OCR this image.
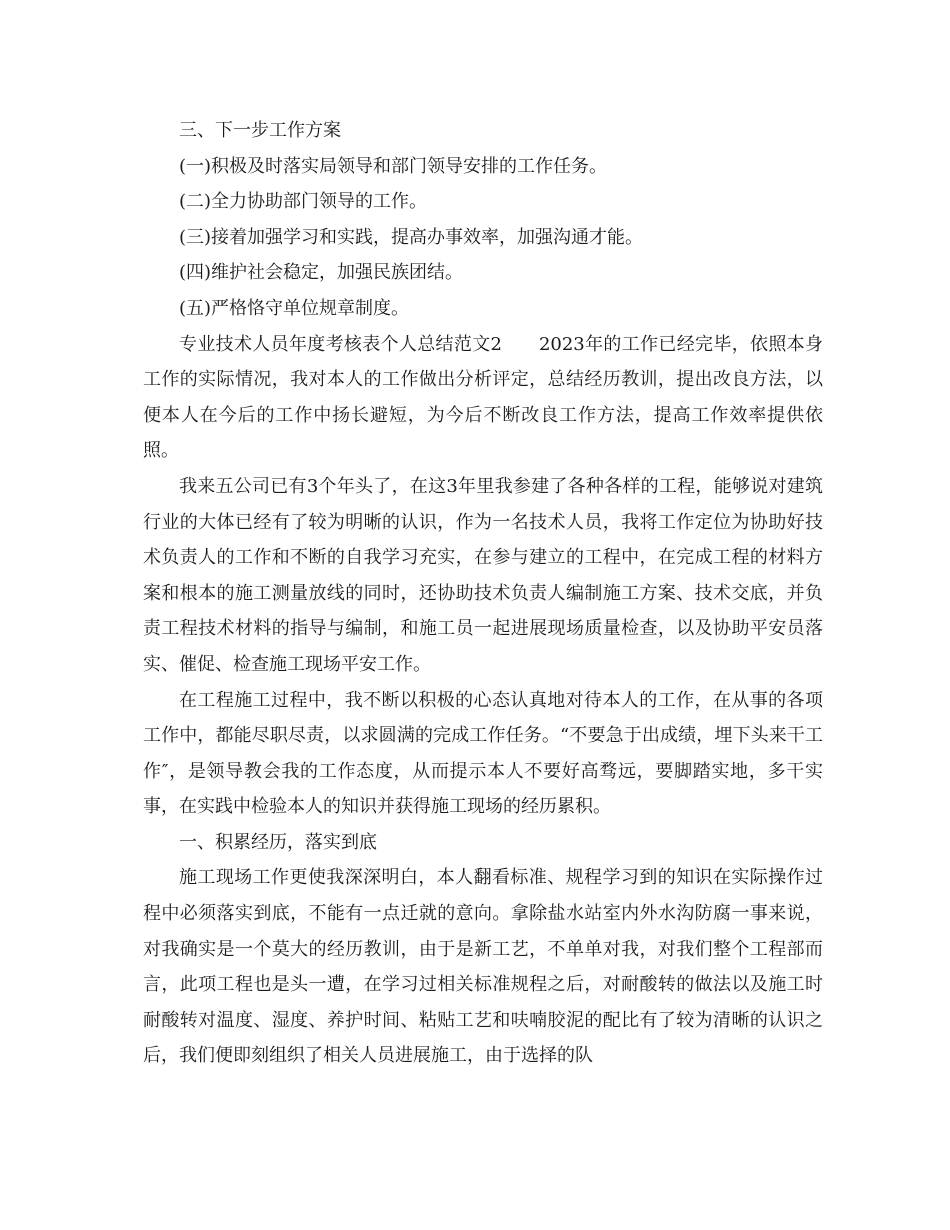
三、下一步工作方案

(一)积极及时落实局领导和部门领导安排的工作任务。

(二)全力协助部门领导的工作。

(三)接着加强学习和实践，提高办事效率，加强沟通才能。

(四)维护社会稳定，加强民族团结。

(五)严格恪守单位规章制度。

专业技术人员年度考核表个人总结范文2　　2023年的工作已经完毕，依照本身工作的实际情况，我对本人的工作做出分析评定，总结经历教训，提出改良方法，以便本人在今后的工作中扬长避短，为今后不断改良工作方法，提高工作效率提供依照。

我来五公司已有3个年头了，在这3年里我参建了各种各样的工程，能够说对建筑行业的大体已经有了较为明晰的认识，作为一名技术人员，我将工作定位为协助好技术负责人的工作和不断的自我学习充实，在参与建立的工程中，在完成工程的材料方案和根本的施工测量放线的同时，还协助技术负责人编制施工方案、技术交底，并负责工程技术材料的指导与编制，和施工员一起进展现场质量检查，以及协助平安员落实、催促、检查施工现场平安工作。

在工程施工过程中，我不断以积极的心态认真地对待本人的工作，在从事的各项工作中，都能尽职尽责，以求圆满的完成工作任务。“不要急于出成绩，埋下头来干工作″，是领导教会我的工作态度，从而提示本人不要好高骛远，要脚踏实地，多干实事，在实践中检验本人的知识并获得施工现场的经历累积。

一、积累经历，落实到底

施工现场工作更使我深深明白，本人翻看标准、规程学习到的知识在实际操作过程中必须落实到底，不能有一点迁就的意向。拿除盐水站室内外水沟防腐一事来说，对我确实是一个莫大的经历教训，由于是新工艺，不单单对我，对我们整个工程部而言，此项工程也是头一遭，在学习过相关标准规程之后，对耐酸转的做法以及施工时耐酸转对温度、湿度、养护时间、粘贴工艺和呋喃胶泥的配比有了较为清晰的认识之后，我们便即刻组织了相关人员进展施工，由于选择的队
